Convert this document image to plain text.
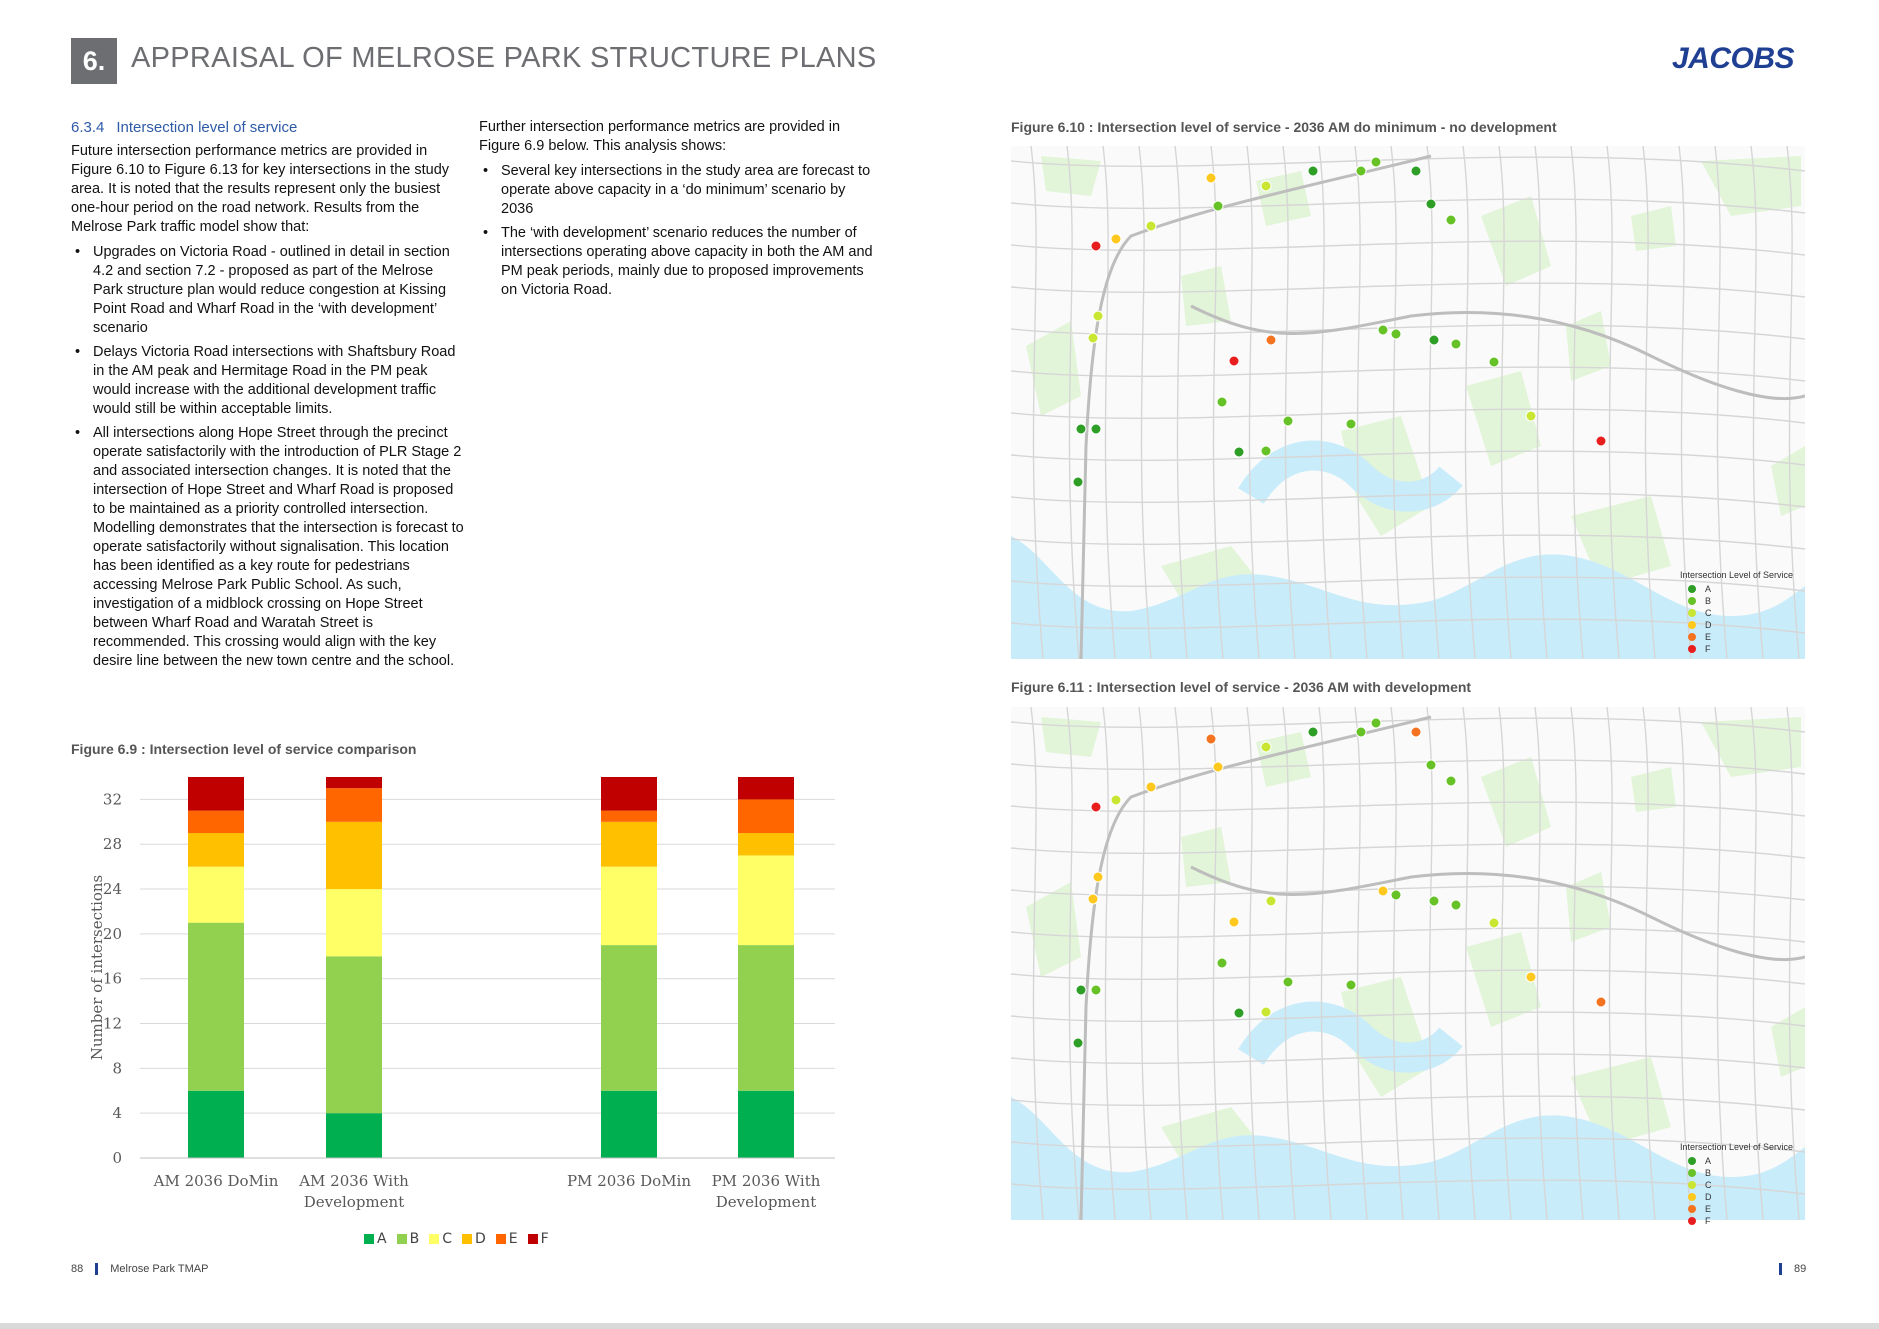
6. APPRAISAL OF MELROSE PARK STRUCTURE PLANS	JACOBS
6.3.4 Intersection level of service

Future intersection performance metrics are provided in Figure 6.10 to Figure 6.13 for key intersections in the study area. It is noted that the results represent only the busiest one-hour period on the road network. Results from the Melrose Park traffic model show that:

• Upgrades on Victoria Road - outlined in detail in section 4.2 and section 7.2 - proposed as part of the Melrose Park structure plan would reduce congestion at Kissing Point Road and Wharf Road in the ‘with development’ scenario
• Delays Victoria Road intersections with Shaftsbury Road in the AM peak and Hermitage Road in the PM peak would increase with the additional development traffic would still be within acceptable limits.
• All intersections along Hope Street through the precinct operate satisfactorily with the introduction of PLR Stage 2 and associated intersection changes. It is noted that the intersection of Hope Street and Wharf Road is proposed to be maintained as a priority controlled intersection. Modelling demonstrates that the intersection is forecast to operate satisfactorily without signalisation. This location has been identified as a key route for pedestrians accessing Melrose Park Public School. As such, investigation of a midblock crossing on Hope Street between Wharf Road and Waratah Street is recommended. This crossing would align with the key desire line between the new town centre and the school.

Further intersection performance metrics are provided in Figure 6.9 below. This analysis shows:

• Several key intersections in the study area are forecast to operate above capacity in a ‘do minimum’ scenario by 2036
• The ‘with development’ scenario reduces the number of intersections operating above capacity in both the AM and PM peak periods, mainly due to proposed improvements on Victoria Road.
Figure 6.9 : Intersection level of service comparison
0
4
8
12
16
20
24
28
32
Number of intersections
AM 2036 DoMin AM 2036 With
Development
PM 2036 DoMin PM 2036 With
Development
A B C D E F
Figure 6.10 : Intersection level of service - 2036 AM do minimum - no development
Intersection Level of Service
A
B
C
D
E
F
Figure 6.11 : Intersection level of service - 2036 AM with development
Intersection Level of Service
A
B
C
D
E
F
88 Melrose Park TMAP	89
